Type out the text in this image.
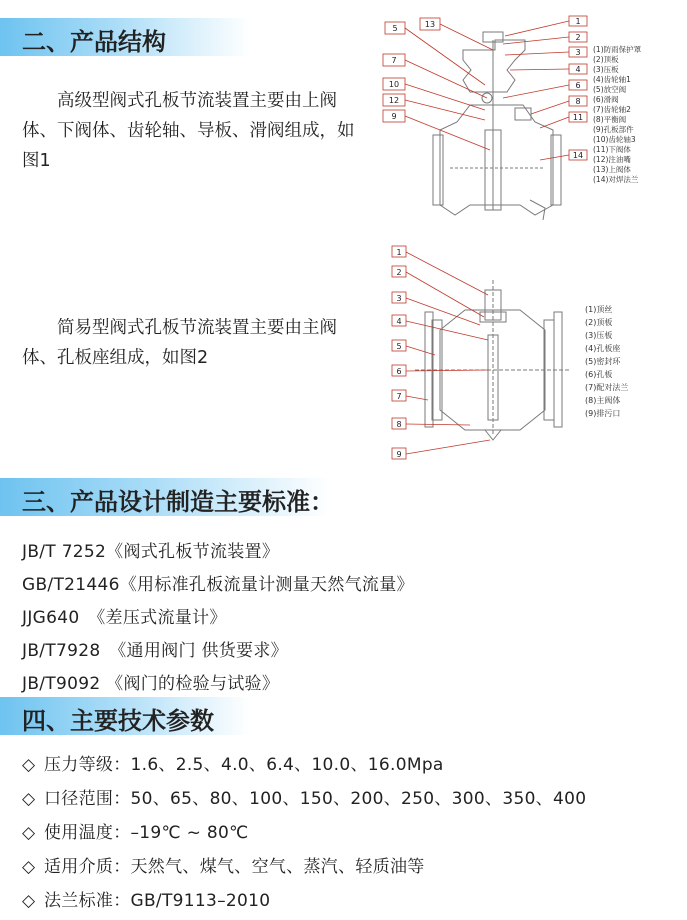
二、产品结构
　　高级型阀式孔板节流装置主要由上阀体、下阀体、齿轮轴、导板、滑阀组成，如图1
5	13
7
10
12
9
1
2
3
4
6
8
11
14
(1)防雨保护罩
(2)顶板
(3)压板
(4)齿轮轴1
(5)放空阀
(6)滑阀
(7)齿轮轴2
(8)平衡阀
(9)孔板部件
(10)齿轮轴3
(11)下阀体
(12)注油嘴
(13)上阀体
(14)对焊法兰
　　简易型阀式孔板节流装置主要由主阀体、孔板座组成，如图2
1
2
3
4
5
6
7
8
9
(1)顶丝
(2)顶板
(3)压板
(4)孔板座
(5)密封环
(6)孔板
(7)配对法兰
(8)主阀体
(9)排污口
三、产品设计制造主要标准：
JB/T 7252《阀式孔板节流装置》
GB/T21446《用标准孔板流量计测量天然气流量》
JJG640　《差压式流量计》
JB/T7928　《通用阀门 供货要求》
JB/T9092 《阀门的检验与试验》
四、主要技术参数
◇ 压力等级：1.6、2.5、4.0、6.4、10.0、16.0Mpa
◇ 口径范围：50、65、80、100、150、200、250、300、350、400
◇ 使用温度：–19℃ ~ 80℃
◇ 适用介质：天然气、煤气、空气、蒸汽、轻质油等
◇ 法兰标准：GB/T9113–2010
